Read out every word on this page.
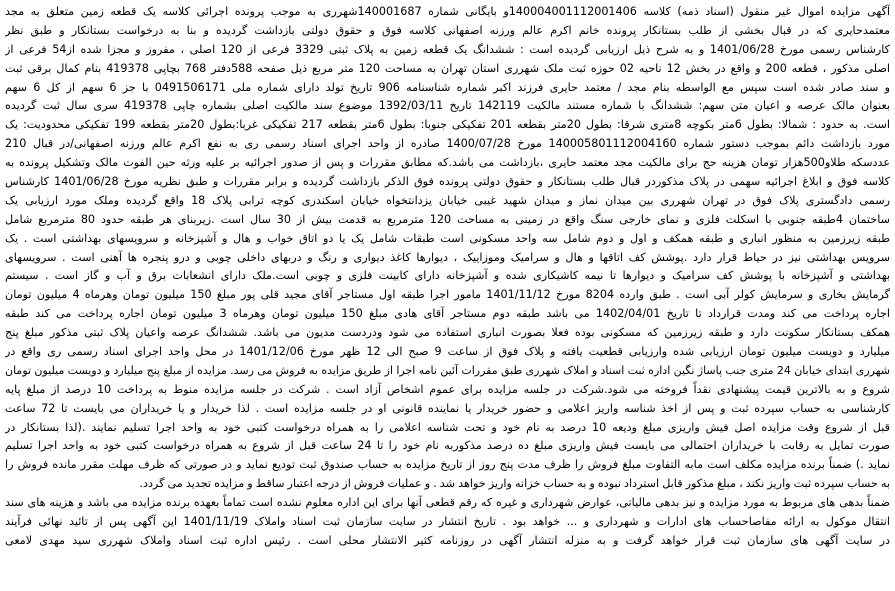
آگهی مزایده اموال غیر منقول (اسناد ذمه) کلاسه 140004001112001406و بایگانی شماره 140001687شهرری به موجب پرونده اجرائی کلاسه یک قطعه زمین متعلق به مجد
معتمدحایری که در قبال بخشی از طلب بستانکار پرونده خانم اکرم عالم ورزنه اصفهانی کلاسه فوق و حقوق دولتی بازداشت گردیده و بنا به درخواست بستانکار و طبق نظر
کارشناس رسمی مورخ 1401/06/28 و به شرح ذیل ارزیابی گردیده است : ششدانگ یک قطعه زمین به پلاک ثبتی 3329 فرعی از 120 اصلی ، مفروز و مجزا شده از54 فرعی از
اصلی مذکور ، قطعه 200 و واقع در بخش 12 ناحیه 02 حوزه ثبت ملک شهرری استان تهران به مساحت 120 متر مربع ذیل صفحه 588دفتر 768 بچاپی 419378 بنام کمال برقی ثبت
و سند صادر شده است سپس مع الواسطه بنام مجد / معتمد حایری فرزند اکبر شماره شناسنامه 906 تاریخ تولد دارای شماره ملی 0491506171 با جز 6 سهم از کل 6 سهم
بعنوان مالک عرصه و اعیان متن سهم: ششدانگ با شماره مستند مالکیت 142119 تاریخ 1392/03/11 موضوع سند مالکیت اصلی بشماره چاپی 419378 سری سال ثبت گردیده
است. به حدود : شمالا: بطول 6متر بکوچه 8متری شرقا: بطول 20متر بقطعه 201 تفکیکی جنوبا: بطول 6متر بقطعه 217 تفکیکی غربا:بطول 20متر بقطعه 199 تفکیکی محدودیت: یک
مورد بازداشت دائم بموجب دستور شماره 140005801112004160 مورخ 1400/07/28 صادره از واحد اجرای اسناد رسمی ری به نفع اکرم عالم ورزنه اصفهانی/در قبال 210
عددسکه طلاو500هزار تومان هزینه حج برای مالکیت مجد معتمد حایری ،بازداشت می باشد.که مطابق مقررات و پس از صدور اجرائیه بر علیه ورثه حین الفوت مالک وتشکیل پرونده به
کلاسه فوق و ابلاغ اجرائیه سهمی در پلاک مذکوردر قبال طلب بستانکار و حقوق دولتی پرونده فوق الذکر بازداشت گردیده و برابر مقررات و طبق نظریه مورخ 1401/06/28 کارشناس
رسمی دادگستری پلاک فوق در تهران شهرری بین میدان نماز و میدان شهید غیبی خیابان یزدانتخواه خیابان اسکندری کوچه ترابی پلاک 18 واقع گردیده وملک مورد ارزیابی یک
ساختمان 4طبقه جنوبی با اسکلت فلزی و نمای خارجی سنگ واقع در زمینی به مساحت 120 مترمربع به قدمت بیش از 30 سال است .زیربنای هر طبقه حدود 80 مترمربع شامل
طبقه زیرزمین به منظور انباری و طبقه همکف و اول و دوم شامل سه واحد مسکونی است طبقات شامل یک یا دو اتاق خواب و هال و آشپزخانه و سرویسهای بهداشتی است . یک
سرویس بهداشتی نیز در حیاط قرار دارد .پوشش کف اتاقها و هال و سرامیک وموزاییک ، دیوارها کاغذ دیواری و رنگ و دربهای داخلی چوبی و درو پنجره ها آهنی است . سرویسهای
بهداشتی و آشپزخانه با پوشش کف سرامیک و دیوارها تا نیمه کاشیکاری شده و آشپزخانه دارای کابینت فلزی و چوبی است.ملک دارای انشعابات برق و آب و گاز است . سیستم
گرمایش بخاری و سرمایش کولر آبی است . طبق وارده 8204 مورخ 1401/11/12 مامور اجرا طبقه اول مستاجر آقای مجید قلی پور مبلغ 150 میلیون تومان وهرماه 4 میلیون تومان
اجاره پرداخت می کند ومدت قرارداد تا تاریخ 1402/04/01 می باشد طبقه دوم مستاجر آقای هادی مبلغ 150 میلیون تومان وهرماه 3 میلیون تومان اجاره پرداخت می کند طبقه
همکف بستانکار سکونت دارد و طبقه زیرزمین که مسکونی بوده فعلا بصورت انباری استفاده می شود ودردست مدیون می باشد. ششدانگ عرصه واعیان پلاک ثبتی مذکور مبلغ پنج
میلیارد و دویست میلیون تومان ارزیابی شده وارزیابی قطعیت یافته و پلاک فوق از ساعت 9 صبح الی 12 ظهر مورخ 1401/12/06 در محل واحد اجرای اسناد رسمی ری واقع در
شهرری ابتدای خیابان 24 متری جنب پاساژ نگین اداره ثبت اسناد و املاک شهرری طبق مقررات آئین نامه اجرا از طریق مزایده به فروش می رسد. مزایده از مبلغ پنج میلیارد و دویست میلیون تومان
شروع و به بالاترین قیمت پیشنهادی نقداً فروخته می شود.شرکت در جلسه مزایده برای عموم اشخاص آزاد است . شرکت در جلسه مزایده منوط به پرداخت 10 درصد از مبلغ پایه
کارشناسی به حساب سپرده ثبت و پس از اخذ شناسه واریز اعلامی و حضور خریدار یا نماینده قانونی او در جلسه مزایده است . لذا خریدار و یا خریداران می بایست تا 72 ساعت
قبل از شروع وقت مزایده اصل فیش واریزی مبلغ ودیعه 10 درصد به نام خود و تحت شناسه اعلامی را به همراه درخواست کتبی خود به واحد اجرا تسلیم نمایند .(لذا بستانکار در
صورت تمایل به رقابت با خریداران احتمالی می بایست فیش واریزی مبلغ ده درصد مذکوربه نام خود را تا 24 ساعت قبل از شروع به همراه درخواست کتبی خود به واحد اجرا تسلیم
نماید .) ضمناً برنده مزایده مکلف است مابه التفاوت مبلغ فروش را ظرف مدت پنج روز از تاریخ مزایده به حساب صندوق ثبت تودیع نماید و در صورتی که ظرف مهلت مقرر مانده فروش را
به حساب سپرده ثبت واریز نکند ، مبلغ مذکور قابل استرداد نبوده و به حساب خزانه واریز خواهد شد . و عملیات فروش از درجه اعتبار ساقط و مزایده تجدید می گردد.
ضمناً بدهی های مربوط به مورد مزایده و نیز بدهی مالیاتی، عوارض شهرداری و غیره که رقم قطعی آنها برای این اداره معلوم نشده است تماماً بعهده برنده مزایده می باشد و هزینه های سند
انتقال موکول به ارائه مفاصاحساب های ادارات و شهرداری و ... خواهد بود . تاریخ انتشار در سایت سازمان ثبت اسناد واملاک 1401/11/19 این آگهی پس از تائید نهائی فرآیند
در سایت آگهی های سازمان ثبت قرار خواهد گرفت و به منزله انتشار آگهی در روزنامه کثیر الانتشار محلی است . رئیس اداره ثبت اسناد واملاک شهرری سید مهدی لامعی
